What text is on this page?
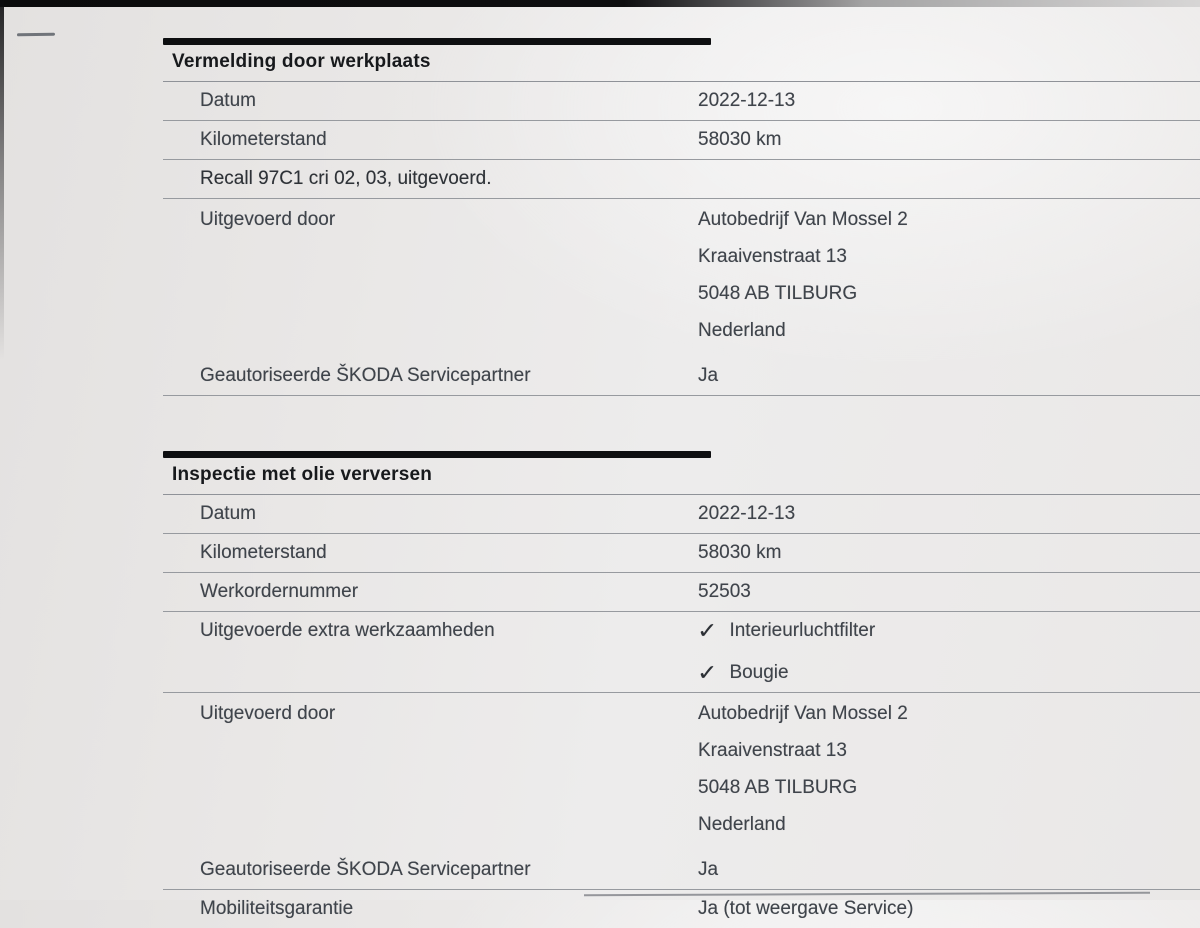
Vermelding door werkplaats
Datum	2022-12-13
Kilometerstand	58030 km
Recall 97C1 cri 02, 03, uitgevoerd.
Uitgevoerd door	Autobedrijf Van Mossel 2
Kraaivenstraat 13
5048 AB TILBURG
Nederland
Geautoriseerde ŠKODA Servicepartner	Ja
Inspectie met olie verversen
Datum	2022-12-13
Kilometerstand	58030 km
Werkordernummer	52503
Uitgevoerde extra werkzaamheden	✓ Interieurluchtfilter
✓ Bougie
Uitgevoerd door	Autobedrijf Van Mossel 2
Kraaivenstraat 13
5048 AB TILBURG
Nederland
Geautoriseerde ŠKODA Servicepartner	Ja
Mobiliteitsgarantie	Ja (tot weergave Service)
